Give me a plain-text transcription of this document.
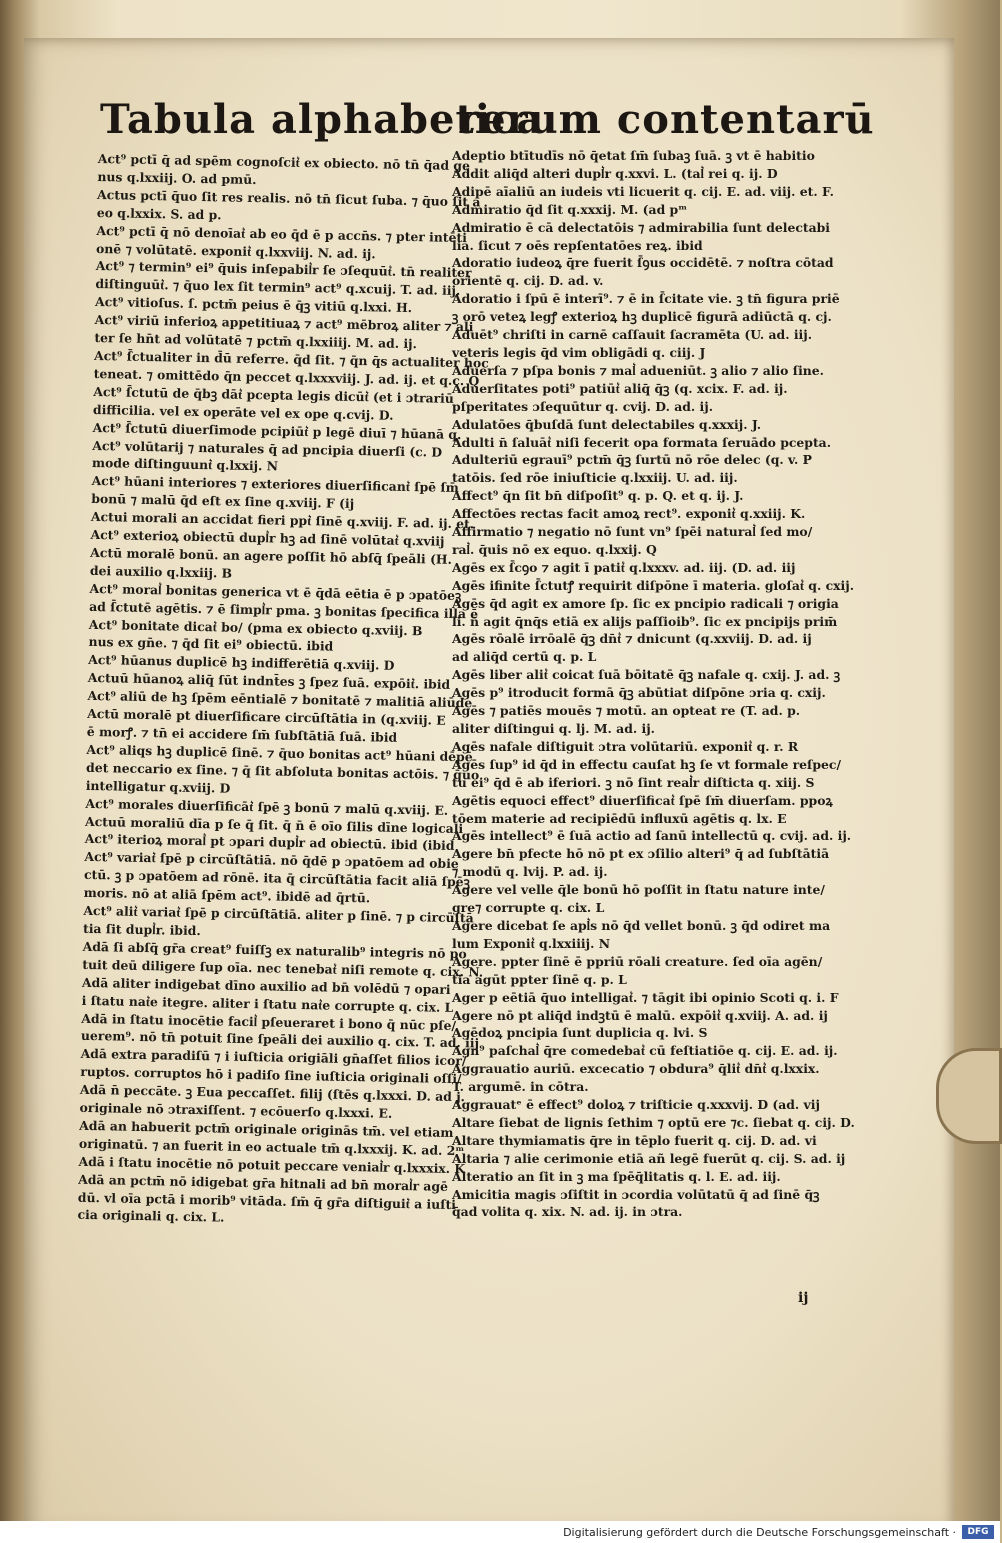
Tabula alphabetica
rerum contentarū
Act⁹ pctī q̄ ad spēm cognoſcit͛ ex obiecto. nō tn̄ q̄ad ge
nus q.lxxiij. O. ad pmū.
Actus pctī q̄uo ſit res realis. nō tn̄ ſicut ſuba. ⁊ q̄uo ſit a
eo q.lxxix. S. ad p.
Act⁹ pctī q̄ nō denoīat͛ ab eo q̄d ē p accn̄s. ⁊ pter intēti
onē ⁊ volūtatē. exponit͛ q.lxxviij. N. ad. ij.
Act⁹ ⁊ termin⁹ ei⁹ q̄uis inſepabil͛r ſe ɔſequūt͛. tn̄ realiter
diſtinguūt͛. ⁊ q̄uo lex ſit termin⁹ act⁹ q.xcuij. T. ad. iij.
Act⁹ vitioſus. ſ. pctm̄ peius ē q̄ꝫ vitiū q.lxxi. H.
Act⁹ viriū inferioꝝ appetitiuaꝝ ⁊ act⁹ mēbroꝝ aliter ⁊ ali
ter ſe hn̄t ad volūtatē ⁊ pctm̄ q.lxxiiij. M. ad. ij.
Act⁹ ſ̄ctualiter in d̄ū referre. q̄d ſit. ⁊ q̄n q̄s actualiter hoc
teneat. ⁊ omittēdo q̄n peccet q.lxxxviij. J. ad. ij. et q.c. Q
Act⁹ ſ̄ctutū de q̄bꝫ dāt͛ pcepta legis dicūt͛ (et i ɔtrariū
difficilia. vel ex operāte vel ex ope q.cvij. D.
Act⁹ ſ̄ctutū diuerſimode pcipiūt͛ p legē diuī ⁊ hūanā q.
Act⁹ volūtarij ⁊ naturales q̄ ad pncipia diuerſi (c. D
mode diſtinguunt͛ q.lxxij. N
Act⁹ hūani interiores ⁊ exteriores diuerſificant͛ ſpē ſm̄
bonū ⁊ malū q̄d eſt ex ſine q.xviij. F (ij
Actui morali an accidat fieri ppt͛ ſinē q.xviij. F. ad. ij. et.
Act⁹ exterioꝝ obiectū dupl͛r hꝫ ad ſinē volūtat͛ q.xviij
Actū moralē bonū. an agere poſſit hō abſq̄ ſpeāli (H.
dei auxilio q.lxxiij. B
Act⁹ moral͛ bonitas generica vt ē q̄dā eētia ē p ɔpatōeꝫ
ad ſ̄ctutē agētis. ⁊ ē ſimpl͛r pma. ꝫ bonitas ſpecifica illa ē
Act⁹ bonitate dicat͛ bo/ (pma ex obiecto q.xviij. B
nus ex gn̄e. ⁊ q̄d ſit ei⁹ obiectū. ibid
Act⁹ hūanus duplicē hꝫ indifferētiā q.xviij. D
Actuū hūanoꝝ aliq̄ ſūt indnt̄es ꝫ ſpez ſuā. expōit͛. ibid
Act⁹ aliū de hꝫ ſpēm eēntialē ⁊ bonitatē ⁊ malitiā aliūde
Actū moralē pt diuerſificare circūſtātia in (q.xviij. E
ē morꝭ. ⁊ tn̄ ei accidere ſm̄ ſubſtātiā ſuā. ibid
Act⁹ aliqs hꝫ duplicē ſinē. ⁊ q̄uo bonitas act⁹ hūani dēpē
det neccario ex ſine. ⁊ q̄ ſit abſoluta bonitas actōis. ⁊ q̄uo
intelligatur q.xviij. D
Act⁹ morales diuerſificāt͛ ſpē ꝫ bonū ⁊ malū q.xviij. E.
Actuū moraliū dīa p ſe q̄ ſit. q̄ n̄ ē oīo ſilis dīne logicali
Act⁹ iterioꝝ moral͛ pt ɔpari dupl͛r ad obiectū. ibid (ibid
Act⁹ variat͛ ſpē p circūſtātiā. nō q̄dē p ɔpatōem ad obie
ctū. ꝫ p ɔpatōem ad rōnē. ita q̄ circūſtātia facit aliā ſpēꝫ
moris. nō at aliā ſpēm act⁹. ibidē ad q̄rtū.
Act⁹ alit͛ variat͛ ſpē p circūſtātiā. aliter p ſinē. ⁊ p circūſtā
tia ſit dupl͛r. ibid.
Adā ſi abſq̄ gr̄a creat⁹ fuiſſꝫ ex naturalib⁹ integris nō po
tuit deū diligere ſup oīa. nec tenebat͛ niſi remote q. cix. N.
Adā aliter indigebat dīno auxilio ad bn̄ volēdū ⁊ opari
i ſtatu nat͛e itegre. aliter i ſtatu nat͛e corrupte q. cix. L
Adā in ſtatu inocētie facil͛ pſeueraret i bono q̄ nūc pſe/
uerem⁹. nō tn̄ potuit ſine ſpeāli dei auxilio q. cix. T. ad. iij
Adā extra paradiſū ⁊ i iuſticia origiāli gn̄aſſet filios icor/
ruptos. corruptos hō i padiſo ſine iuſticia originali oſſi/
Adā n̄ peccāte. ꝫ Eua peccaſſet. filij (ſtēs q.lxxxi. D. ad j.
originale nō ɔtraxiſſent. ⁊ ecōuerſo q.lxxxi. E.
Adā an habuerit pctm̄ originale originās tm̄. vel etiam
originatū. ⁊ an fuerit in eo actuale tm̄ q.lxxxij. K. ad. 2ᵐ
Adā i ſtatu inocētie nō potuit peccare venial͛r q.lxxxix. K
Adā an pctm̄ nō idigebat gr̄a hitnali ad bn̄ moral͛r agē
dū. vl oīa pctā i morib⁹ vitāda. ſm̄ q̄ gr̄a diſtiguit͛ a iuſti
cia originali q. cix. L.
Adeptio btītudīs nō q̄etat ſm̄ ſubaꝫ ſuā. ꝫ vt ē habitio
Addit aliq̄d alteri dupl͛r q.xxvi. L. (tal͛ rei q. ij. D
Adipē aīaliū an iudeis vti licuerit q. cij. E. ad. viij. et. F.
Admiratio q̄d ſit q.xxxij. M. (ad pᵐ
Admiratio ē cā delectatōis ⁊ admirabilia ſunt delectabi
lia. ſicut ⁊ oēs repſentatōes reꝝ. ibid
Adoratio iudeoꝝ q̄re fuerit ſ̄ꝯus occidētē. ⁊ noſtra cōtad
orientē q. cij. D. ad. v.
Adoratio i ſpū ē interī⁹. ⁊ ē in ſ̄citate vie. ꝫ tn̄ figura priē
ꝫ orō veteꝝ legꝭ exterioꝝ hꝫ duplicē figurā adiūctā q. cj.
Aduēt⁹ chriſti in carnē caſſauit ſacramēta (U. ad. iij.
veteris legis q̄d vim obligādi q. ciij. J
Aduerſa ⁊ pſpa bonis ⁊ mal͛ adueniūt. ꝫ alio ⁊ alio ſine.
Aduerſitates poti⁹ patiūt͛ aliq̄ q̄ꝫ (q. xcix. F. ad. ij.
pſperitates ɔſequūtur q. cvij. D. ad. ij.
Adulatōes q̄buſdā ſunt delectabiles q.xxxij. J.
Adulti n̄ ſaluāt͛ niſi fecerit opa formata ſeruādo pcepta.
Adulteriū egrauī⁹ pctm̄ q̄ꝫ ſurtū nō rōe delec (q. v. P
tatōis. ſed rōe iniuſticie q.lxxiij. U. ad. iij.
Affect⁹ q̄n ſit bn̄ diſpoſit⁹ q. p. Q. et q. ij. J.
Affectōes rectas facit amoꝝ rect⁹. exponit͛ q.xxiij. K.
Affirmatio ⁊ negatio nō ſunt vn⁹ ſpēi natural͛ ſed mo/
ral͛. q̄uis nō ex equo. q.lxxij. Q
Agēs ex ſ̄cꝯo ⁊ agit ī patit͛ q.lxxxv. ad. iij. (D. ad. iij
Agēs ifinite ſ̄ctutꝭ requirit diſpōne ī materia. gloſat͛ q. cxij.
Agēs q̄d agit ex amore ſp. ſic ex pncipio radicali ⁊ origia
li. n̄ agit q̄nq̄s etiā ex alijs paſſioib⁹. ſic ex pncipijs prim̄
Agēs rōalē irrōalē q̄ꝫ dn̄t͛ ⁊ dnicunt (q.xxviij. D. ad. ij
ad aliq̄d certū q. p. L
Agēs liber alit͛ coicat ſuā bōitatē q̄ꝫ nafale q. cxij. J. ad. ꝫ
Agēs p⁹ itroducit formā q̄ꝫ abūtiat diſpōne ɔria q. cxij.
Agēs ⁊ patiēs mouēs ⁊ motū. an opteat re (T. ad. p.
aliter diſtingui q. lj. M. ad. ij.
Agēs nafale diſtiguit ɔtra volūtariū. exponit͛ q. r. R
Agēs ſup⁹ id q̄d in effectu cauſat hꝫ ſe vt formale reſpec/
tu ei⁹ q̄d ē ab iferiori. ꝫ nō ſint real͛r diſticta q. xiij. S
Agētis equoci effect⁹ diuerſificat͛ ſpē ſm̄ diuerſam. ppoꝝ
tōem materie ad recipiēdū influxū agētis q. lx. E
Agēs intellect⁹ ē ſuā actio ad ſanū intellectū q. cvij. ad. ij.
Agere bn̄ pfecte hō nō pt ex ɔſilio alteri⁹ q̄ ad ſubſtātiā
⁊ modū q. lvij. P. ad. ij.
Agere vel velle q̄le bonū hō poſſit in ſtatu nature inte/
gre⁊ corrupte q. cix. L
Agere dicebat ſe apl͛s nō q̄d vellet bonū. ꝫ q̄d odiret ma
lum Exponit͛ q.lxxiiij. N
Agere. ppter ſinē ē ppriū rōali creature. ſed oīa agēn/
tia agūt ppter ſinē q. p. L
Ager p eētiā q̄uo intelligat͛. ⁊ tāgit ibi opinio Scoti q. i. F
Agere nō pt aliq̄d indꝫtū ē malū. expōit͛ q.xviij. A. ad. ij
Agēdoꝝ pncipia ſunt duplicia q. lvi. S
Agn⁹ paſchal͛ q̄re comedebat͛ cū feſtiatiōe q. cij. E. ad. ij.
Aggrauatio auriū. excecatio ⁊ obdura⁹ q̄lit͛ dn̄t͛ q.lxxix.
T. argumē. in cōtra.
Aggrauatᵉ ē effect⁹ doloꝝ ⁊ triſticie q.xxxvij. D (ad. vij
Altare ſiebat de lignis ſethim ⁊ optū ere ⁊c. ſiebat q. cij. D.
Altare thymiamatis q̄re in tēplo fuerit q. cij. D. ad. vi
Altaria ⁊ alie cerimonie etiā añ legē fuerūt q. cij. S. ad. ij
Alteratio an ſit in ꝫ ma ſpēq̄litatis q. l. E. ad. iij.
Amicitia magis ɔſiſtit in ɔcordia volūtatū q̄ ad ſinē q̄ꝫ
q̄ad volita q. xix. N. ad. ij. in ɔtra.
ij
Digitalisierung gefördert durch die Deutsche Forschungsgemeinschaft ·	DFG
